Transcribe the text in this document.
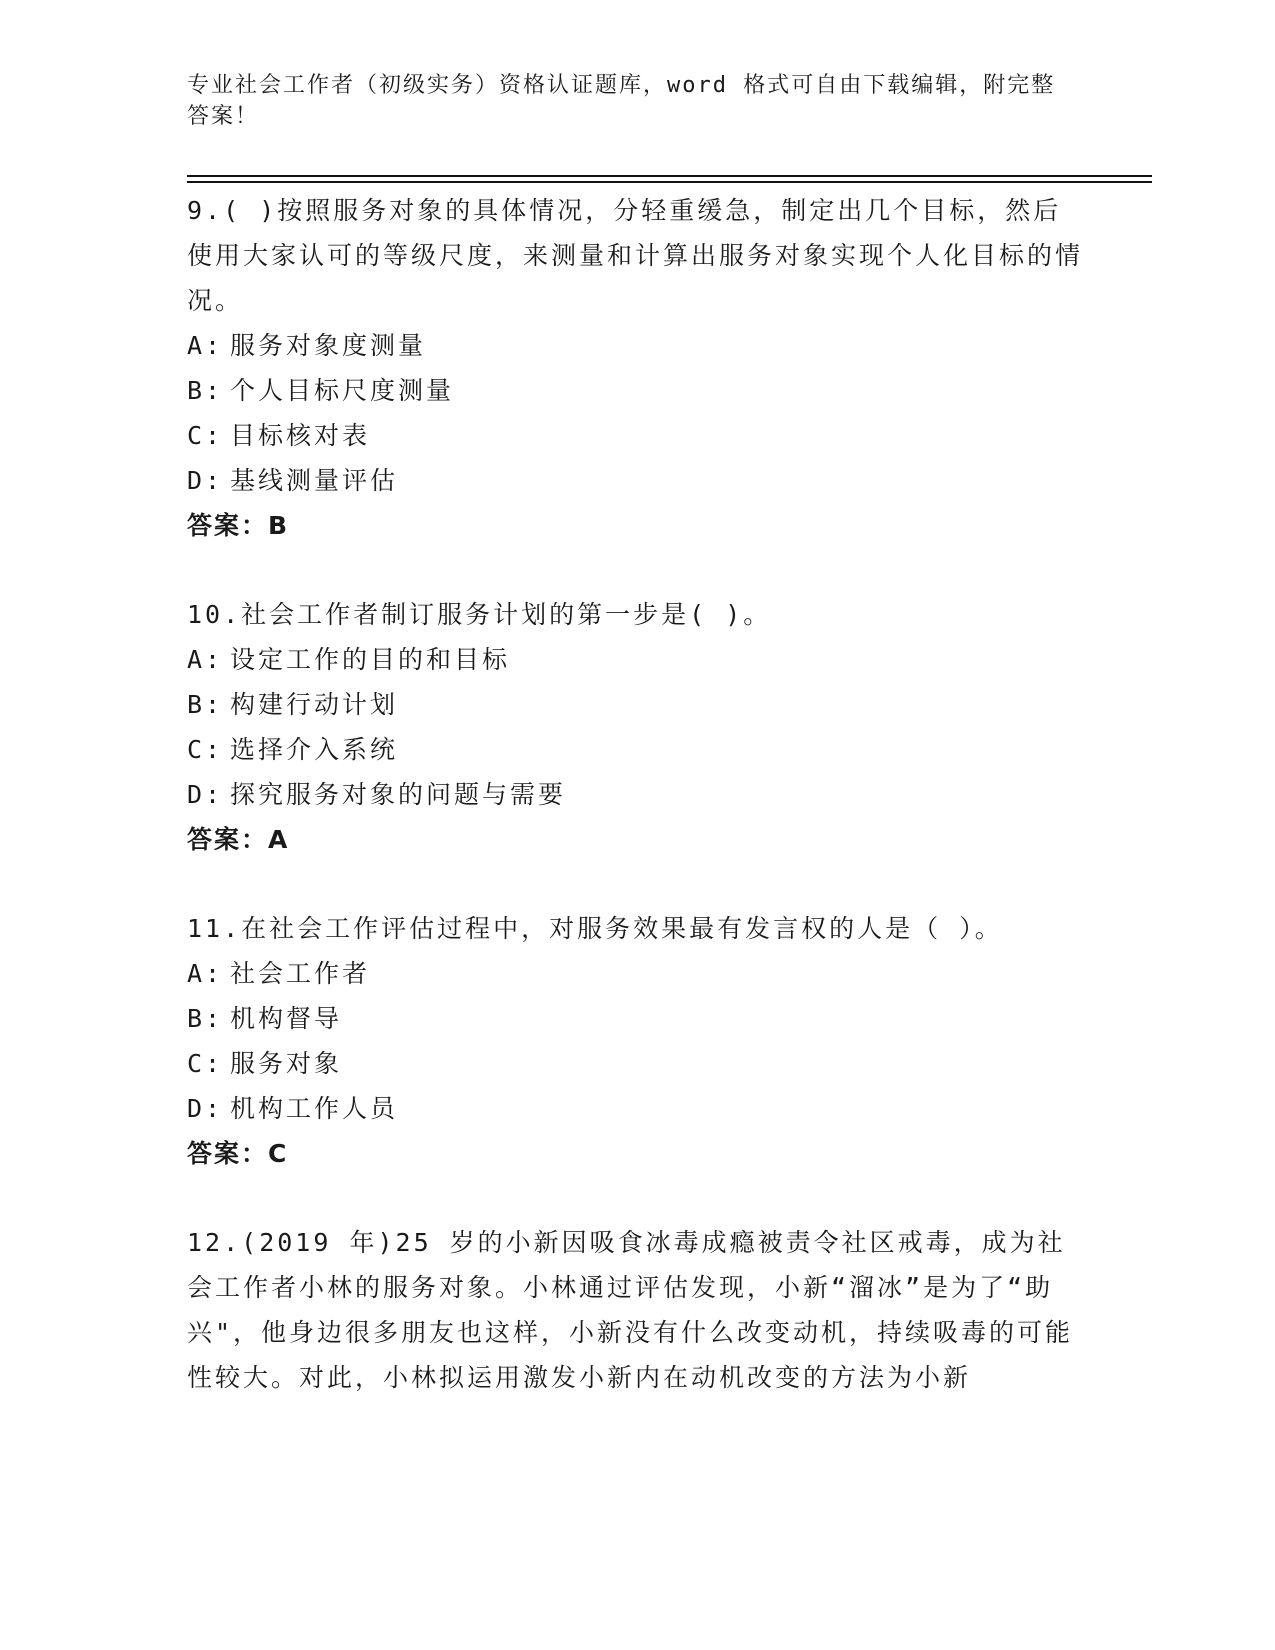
专业社会工作者（初级实务）资格认证题库，word 格式可自由下载编辑，附完整答案！
9.( )按照服务对象的具体情况，分轻重缓急，制定出几个目标，然后使用大家认可的等级尺度，来测量和计算出服务对象实现个人化目标的情况。
A: 服务对象度测量
B: 个人目标尺度测量
C: 目标核对表
D: 基线测量评估
答案：B
10.社会工作者制订服务计划的第一步是( )。
A: 设定工作的目的和目标
B: 构建行动计划
C: 选择介入系统
D: 探究服务对象的问题与需要
答案：A
11.在社会工作评估过程中，对服务效果最有发言权的人是（ ）。
A: 社会工作者
B: 机构督导
C: 服务对象
D: 机构工作人员
答案：C
12.(2019 年)25 岁的小新因吸食冰毒成瘾被责令社区戒毒，成为社会工作者小林的服务对象。小林通过评估发现，小新“溜冰”是为了“助兴"，他身边很多朋友也这样，小新没有什么改变动机，持续吸毒的可能性较大。对此，小林拟运用激发小新内在动机改变的方法为小新
